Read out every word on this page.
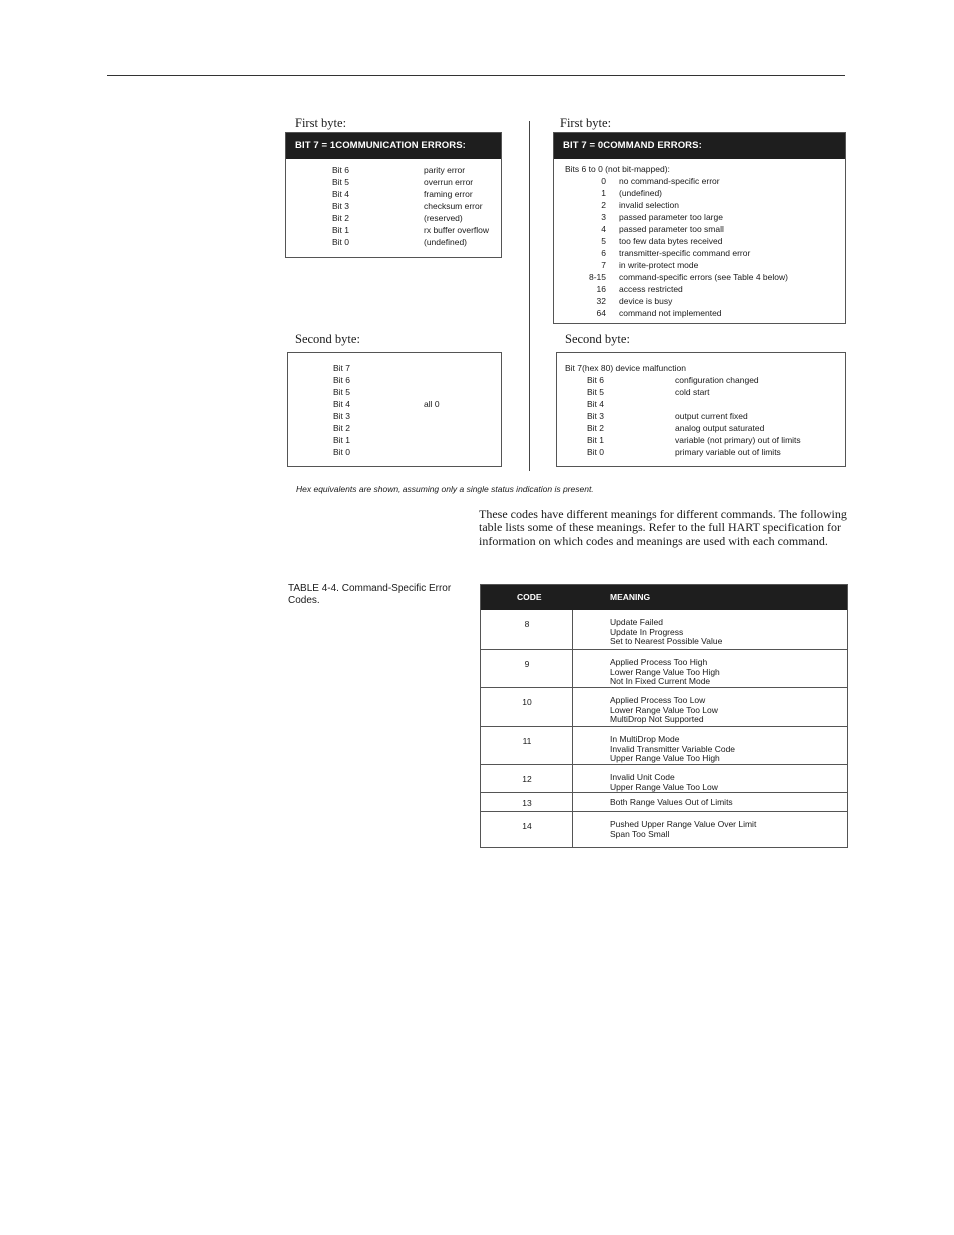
First byte:
BIT 7 = 1COMMUNICATION ERRORS:
Bit 6	parity error
Bit 5	overrun error
Bit 4	framing error
Bit 3	checksum error
Bit 2	(reserved)
Bit 1	rx buffer overflow
Bit 0	(undefined)
Second byte:
Bit 7
Bit 6
Bit 5
Bit 4	all 0
Bit 3
Bit 2
Bit 1
Bit 0
First byte:
BIT 7 = 0COMMAND ERRORS:
Bits 6 to 0 (not bit-mapped):
0 no command-specific error
1 (undefined)
2 invalid selection
3 passed parameter too large
4 passed parameter too small
5 too few data bytes received
6 transmitter-specific command error
7 in write-protect mode
8-15 command-specific errors (see Table 4 below)
16 access restricted
32 device is busy
64 command not implemented
Second byte:
Bit 7(hex 80) device malfunction
Bit 6	configuration changed
Bit 5	cold start
Bit 4
Bit 3	output current fixed
Bit 2	analog output saturated
Bit 1	variable (not primary) out of limits
Bit 0	primary variable out of limits
Hex equivalents are shown, assuming only a single status indication is present.
These codes have different meanings for different commands. The following table lists some of these meanings. Refer to the full HART specification for information on which codes and meanings are used with each command.
TABLE 4-4. Command-Specific Error Codes.	CODE	MEANING
8	Update Failed
Update In Progress
Set to Nearest Possible Value
9	Applied Process Too High
Lower Range Value Too High
Not In Fixed Current Mode
10	Applied Process Too Low
Lower Range Value Too Low
MultiDrop Not Supported
11	In MultiDrop Mode
Invalid Transmitter Variable Code
Upper Range Value Too High
12	Invalid Unit Code
Upper Range Value Too Low
13	Both Range Values Out of Limits
14	Pushed Upper Range Value Over Limit
Span Too Small
